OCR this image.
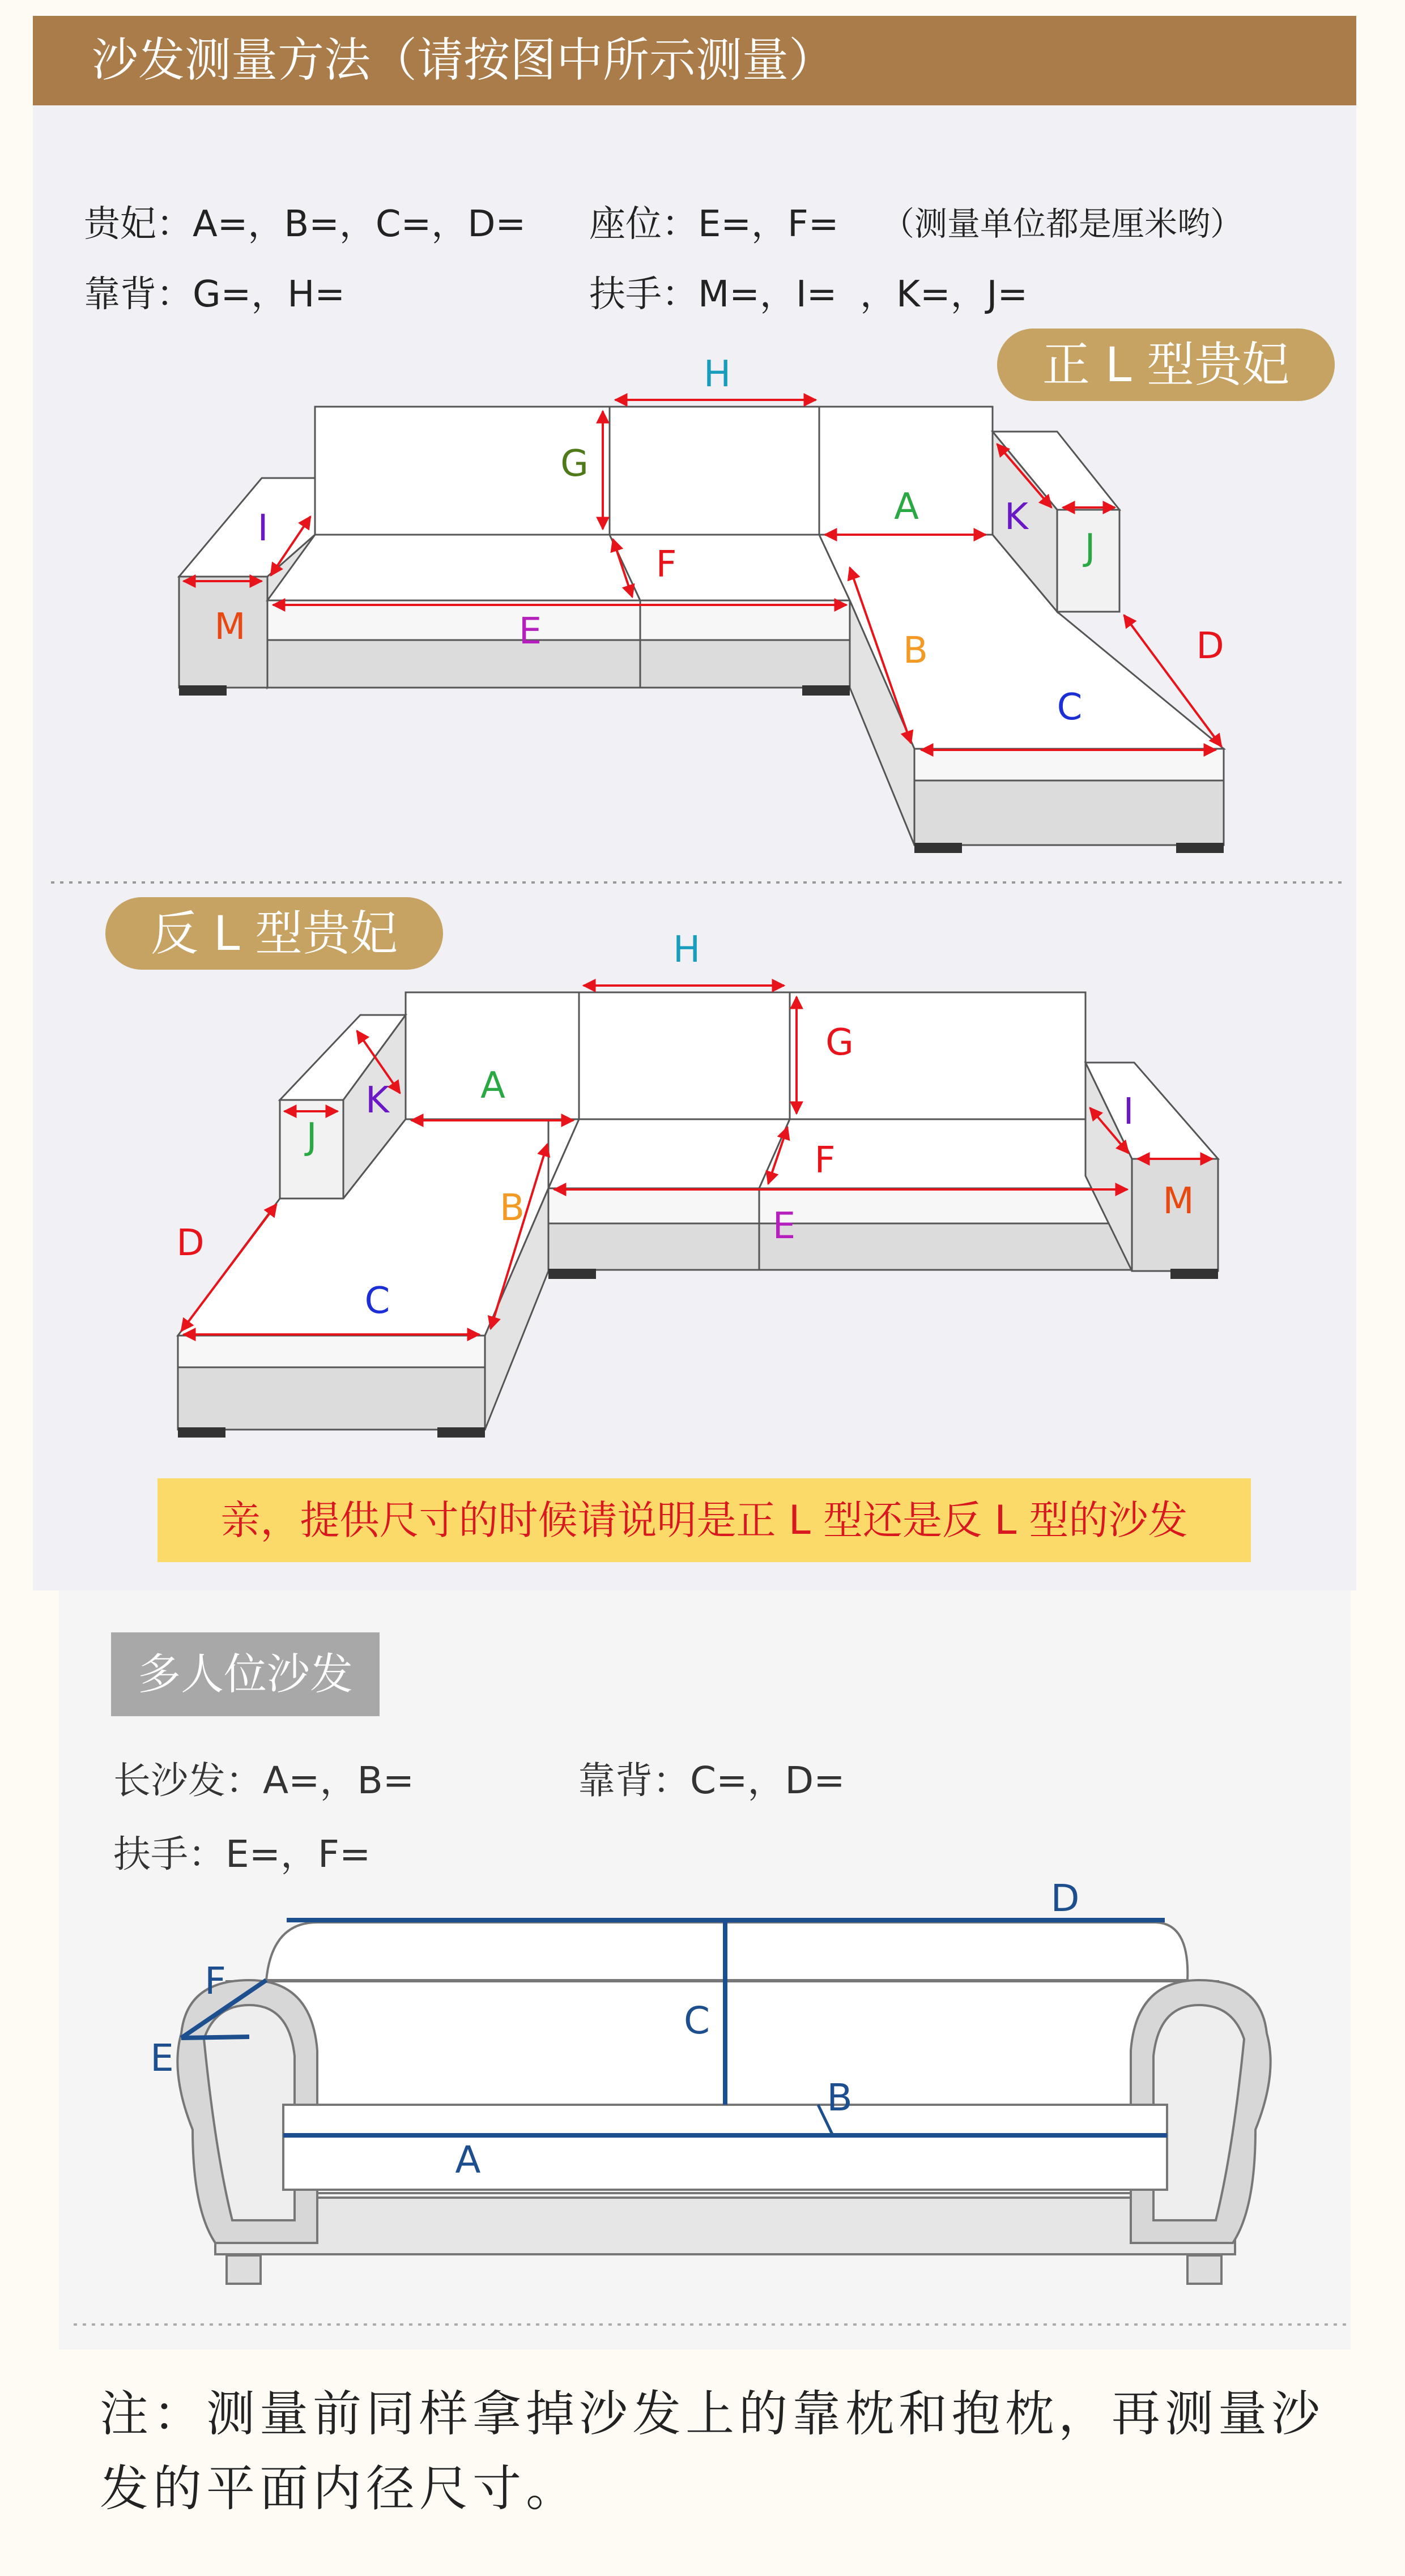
沙发测量方法（请按图中所示测量）
贵妃：A=，B=，C=，D= 座位：E=，F= （测量单位都是厘米哟）
靠背：G=，H=	扶手：M=，I=  ，K=，J=
正 L 型贵妃
H
G
A
B
C
D
F
E
M
I	K
J
反 L 型贵妃	H
G
A
B
C
D
F
E
M
I
K
J
亲，提供尺寸的时候请说明是正 L 型还是反 L 型的沙发
多人位沙发
长沙发：A=，B=	靠背：C=，D=
扶手：E=，F=
D
C
B
A
F
E
注：测量前同样拿掉沙发上的靠枕和抱枕，再测量沙发的平面内径尺寸。
